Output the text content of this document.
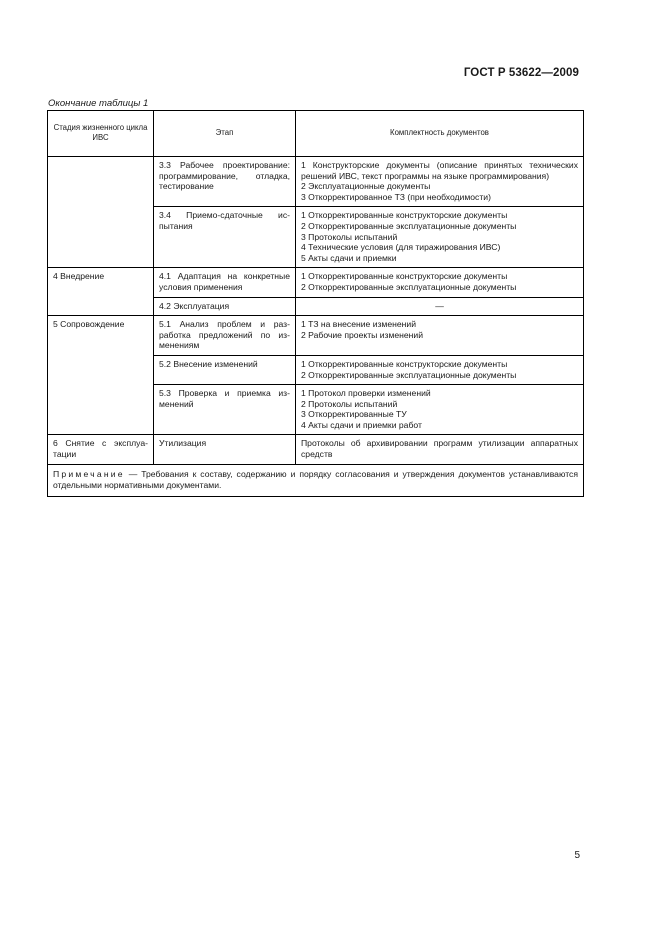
ГОСТ Р 53622—2009
Окончание таблицы 1
Стадия жизненного цикла ИВС	Этап	Комплектность документов
	3.3 Рабочее проектирование: программирование, отладка, тестирование	1 Конструкторские документы (описание принятых технических решений ИВС, текст программы на языке программирования)
2 Эксплуатационные документы
3 Откорректированное ТЗ (при необходимости)

	3.4 Приемо-сдаточные испытания	1 Откорректированные конструкторские документы
2 Откорректированные эксплуатационные документы
3 Протоколы испытаний
4 Технические условия (для тиражирования ИВС)
5 Акты сдачи и приемки

4 Внедрение	4.1 Адаптация на конкретные условия применения	1 Откорректированные конструкторские документы
2 Откорректированные эксплуатационные документы

	4.2 Эксплуатация	—

5 Сопровождение	5.1 Анализ проблем и разработка предложений по изменениям	1 ТЗ на внесение изменений
2 Рабочие проекты изменений

	5.2 Внесение изменений	1 Откорректированные конструкторские документы
2 Откорректированные эксплуатационные документы

	5.3 Проверка и приемка изменений	1 Протокол проверки изменений
2 Протоколы испытаний
3 Откорректированные ТУ
4 Акты сдачи и приемки работ

6 Снятие с эксплуатации	Утилизация	Протоколы об архивировании программ утилизации аппаратных средств

Примечание — Требования к составу, содержанию и порядку согласования и утверждения документов устанавливаются отдельными нормативными документами.		
5
